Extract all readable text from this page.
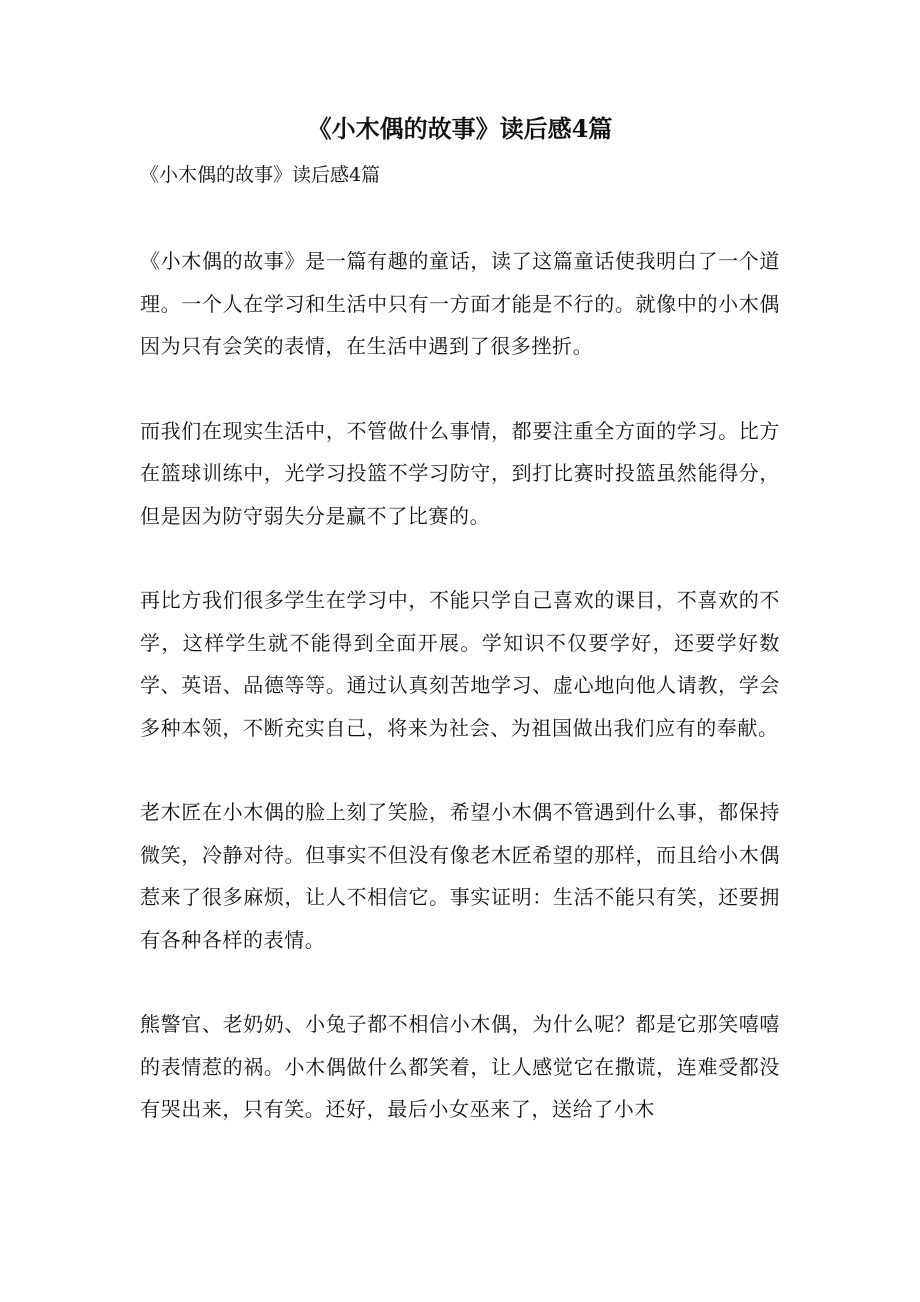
《小木偶的故事》读后感4篇

《小木偶的故事》读后感4篇

《小木偶的故事》是一篇有趣的童话，读了这篇童话使我明白了一个道理。一个人在学习和生活中只有一方面才能是不行的。就像中的小木偶因为只有会笑的表情，在生活中遇到了很多挫折。

而我们在现实生活中，不管做什么事情，都要注重全方面的学习。比方在篮球训练中，光学习投篮不学习防守，到打比赛时投篮虽然能得分，但是因为防守弱失分是赢不了比赛的。

再比方我们很多学生在学习中，不能只学自己喜欢的课目，不喜欢的不学，这样学生就不能得到全面开展。学知识不仅要学好，还要学好数学、英语、品德等等。通过认真刻苦地学习、虚心地向他人请教，学会多种本领，不断充实自己，将来为社会、为祖国做出我们应有的奉献。

老木匠在小木偶的脸上刻了笑脸，希望小木偶不管遇到什么事，都保持微笑，冷静对待。但事实不但没有像老木匠希望的那样，而且给小木偶惹来了很多麻烦，让人不相信它。事实证明：生活不能只有笑，还要拥有各种各样的表情。

熊警官、老奶奶、小兔子都不相信小木偶，为什么呢？都是它那笑嘻嘻的表情惹的祸。小木偶做什么都笑着，让人感觉它在撒谎，连难受都没有哭出来，只有笑。还好，最后小女巫来了，送给了小木
